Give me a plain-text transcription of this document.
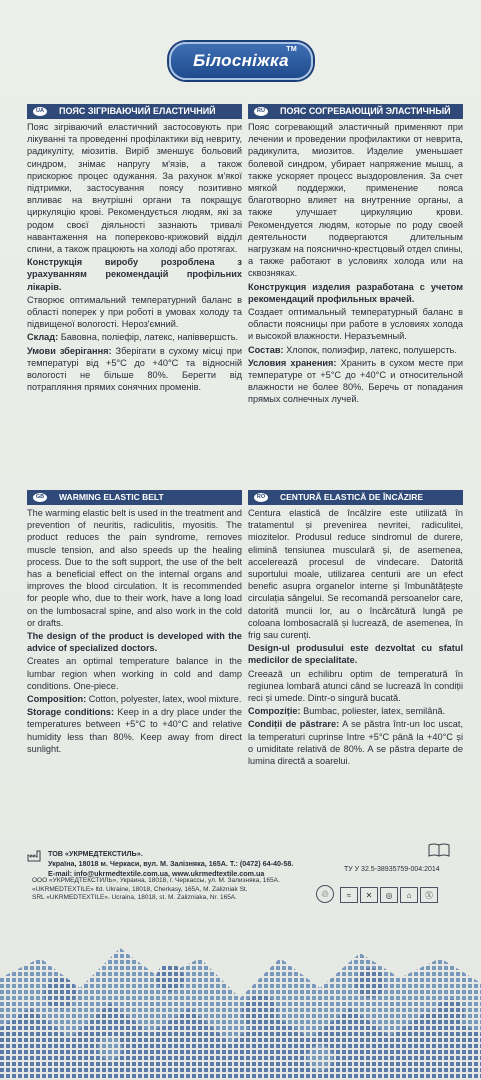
Білосніжка
TM
UA	ПОЯС ЗІГРІВАЮЧИЙ ЕЛАСТИЧНИЙ

Пояс зігріваючий еластичний застосовують при лікуванні та проведенні профілактики від невриту, радикуліту, міозитів. Виріб зменшує больовий синдром, знімає напругу м'язів, а також прискорює процес одужання. За рахунок м'якої підтримки, застосування поясу позитивно впливає на внутрішні органи та покращує циркуляцію крові. Рекомендується людям, які за родом своєї діяльності зазнають тривалі навантаження на поперековo-крижовий відділ спини, а також працюють на холоді або протягах.

Конструкція виробу розроблена з урахуванням рекомендацій профільних лікарів.

Створює оптимальний температурний баланс в області поперек у при роботі в умовах холоду та підвищеної вологості. Нероз'ємний.

Склад: Бавовна, поліефір, латекс, напіввершсть.

Умови зберігання: Зберігати в сухому місці при температурі від +5°С до +40°С та відносній вологості не більше 80%. Берегти від потрапляння прямих сонячних променів.

RU	ПОЯС СОГРЕВАЮЩИЙ ЭЛАСТИЧНЫЙ

Пояс согревающий эластичный применяют при лечении и проведении профилактики от неврита, радикулита, миозитов. Изделие уменьшает болевой синдром, убирает напряжение мышц, а также ускоряет процесс выздоровления. За счет мягкой поддержки, применение пояса благотворно влияет на внутренние органы, а также улучшает циркуляцию крови. Рекомендуется людям, которые по роду своей деятельности подвергаются длительным нагрузкам на пояснично-крестцовый отдел спины, а также работают в условиях холода или на сквозняках.

Конструкция изделия разработана с учетом рекомендаций профильных врачей.

Создает оптимальный температурный баланс в области поясницы при работе в условиях холода и высокой влажности. Неразъемный.

Состав: Хлопок, полиэфир, латекс, полушерсть.

Условия хранения: Хранить в сухом месте при температуре от +5°С до +40°С и относительной влажности не более 80%. Беречь от попадания прямых солнечных лучей.

GB	WARMING ELASTIC BELT

The warming elastic belt is used in the treatment and prevention of neuritis, radiculitis, myositis. The product reduces the pain syndrome, removes muscle tension, and also speeds up the healing process. Due to the soft support, the use of the belt has a beneficial effect on the internal organs and improves the blood circulation. It is recommended for people who, due to their work, have a long load on the lumbosacral spine, and also work in the cold or drafts.

The design of the product is developed with the advice of specialized doctors.

Creates an optimal temperature balance in the lumbar region when working in cold and damp conditions. One-piece.

Composition: Cotton, polyester, latex, wool mixture.

Storage conditions: Keep in a dry place under the temperatures between +5°C to +40°C and relative humidity less than 80%. Keep away from direct sunlight.

RO	CENTURĂ ELASTICĂ DE ÎNCĂZIRE

Centura elastică de încălzire este utilizată în tratamentul și prevenirea nevritei, radiculitei, miozitelor. Produsul reduce sindromul de durere, elimină tensiunea musculară și, de asemenea, accelerează procesul de vindecare. Datorită suportului moale, utilizarea centurii are un efect benefic asupra organelor interne și îmbunătățește circulația sângelui. Se recomandă persoanelor care, datorită muncii lor, au o încărcătură lungă pe coloana lombosacrală și lucrează, de asemenea, în frig sau curenți.

Design-ul produsului este dezvoltat cu sfatul medicilor de specialitate.

Creează un echilibru optim de temperatură în regiunea lombară atunci când se lucrează în condiții reci și umede. Dintr-o singură bucată.

Compoziție: Bumbac, poliester, latex, semilână.

Condiții de păstrare: A se păstra într-un loc uscat, la temperaturi cuprinse între +5°C până la +40°C și o umiditate relativă de 80%. A se păstra departe de lumina directă a soarelui.

ТОВ «УКРМЕДТЕКСТИЛЬ».
Україна, 18018 м. Черкаси, вул. М. Залізняка, 165А. Т.: (0472) 64-40-58.
E-mail: info@ukrmedtextile.com.ua, www.ukrmedtextile.com.ua
ООО «УКРМЕДТЕКСТИЛЬ», Украина, 18018, г. Черкассы, ул. М. Зализняка, 165А.
«UKRMEDTEXTILE» ltd. Ukraine, 18018, Cherkasy, 165A, M. Zalizniak St.
SRL «UKRMEDTEXTILE». Ucraina, 18018, st. M. Zalizniaka, Nr. 165A.
ТУ У 32.5-38935759-004:2014
♲	≈	✕	◎	⌂	Ⓧ
